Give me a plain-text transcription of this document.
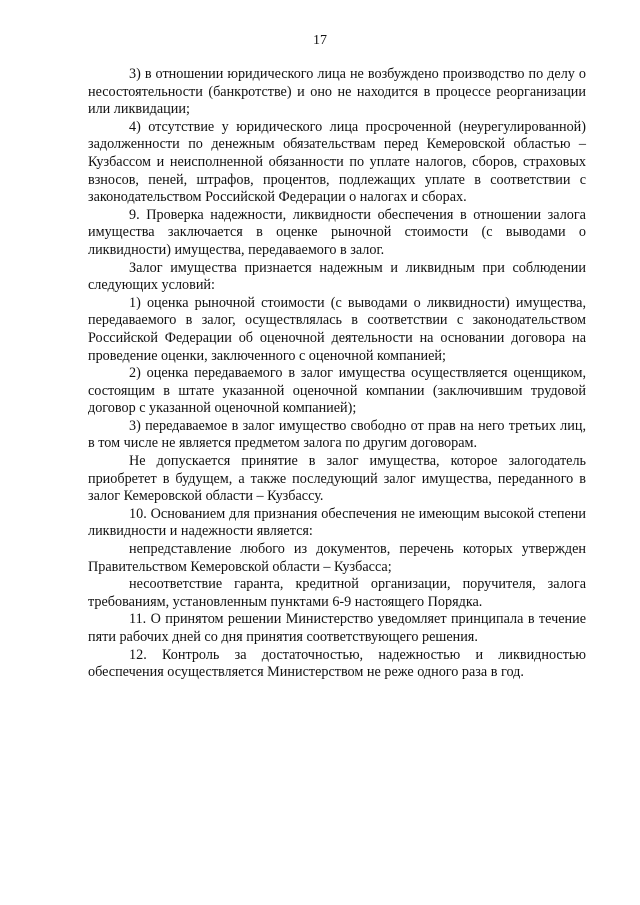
17

3) в отношении юридического лица не возбуждено производство по делу о несостоятельности (банкротстве) и оно не находится в процессе реорганизации или ликвидации;

4) отсутствие у юридического лица просроченной (неурегулированной) задолженности по денежным обязательствам перед Кемеровской областью – Кузбассом и неисполненной обязанности по уплате налогов, сборов, страховых взносов, пеней, штрафов, процентов, подлежащих уплате в соответствии с законодательством Российской Федерации о налогах и сборах.

9. Проверка надежности, ликвидности обеспечения в отношении залога имущества заключается в оценке рыночной стоимости (с выводами о ликвидности) имущества, передаваемого в залог.

Залог имущества признается надежным и ликвидным при соблюдении следующих условий:

1) оценка рыночной стоимости (с выводами о ликвидности) имущества, передаваемого в залог, осуществлялась в соответствии с законодательством Российской Федерации об оценочной деятельности на основании договора на проведение оценки, заключенного с оценочной компанией;

2) оценка передаваемого в залог имущества осуществляется оценщиком, состоящим в штате указанной оценочной компании (заключившим трудовой договор с указанной оценочной компанией);

3) передаваемое в залог имущество свободно от прав на него третьих лиц, в том числе не является предметом залога по другим договорам.

Не допускается принятие в залог имущества, которое залогодатель приобретет в будущем, а также последующий залог имущества, переданного в залог Кемеровской области – Кузбассу.

10. Основанием для признания обеспечения не имеющим высокой степени ликвидности и надежности является:

непредставление любого из документов, перечень которых утвержден Правительством Кемеровской области – Кузбасса;

несоответствие гаранта, кредитной организации, поручителя, залога требованиям, установленным пунктами 6-9 настоящего Порядка.

11. О принятом решении Министерство уведомляет принципала в течение пяти рабочих дней со дня принятия соответствующего решения.

12. Контроль за достаточностью, надежностью и ликвидностью обеспечения осуществляется Министерством не реже одного раза в год.
